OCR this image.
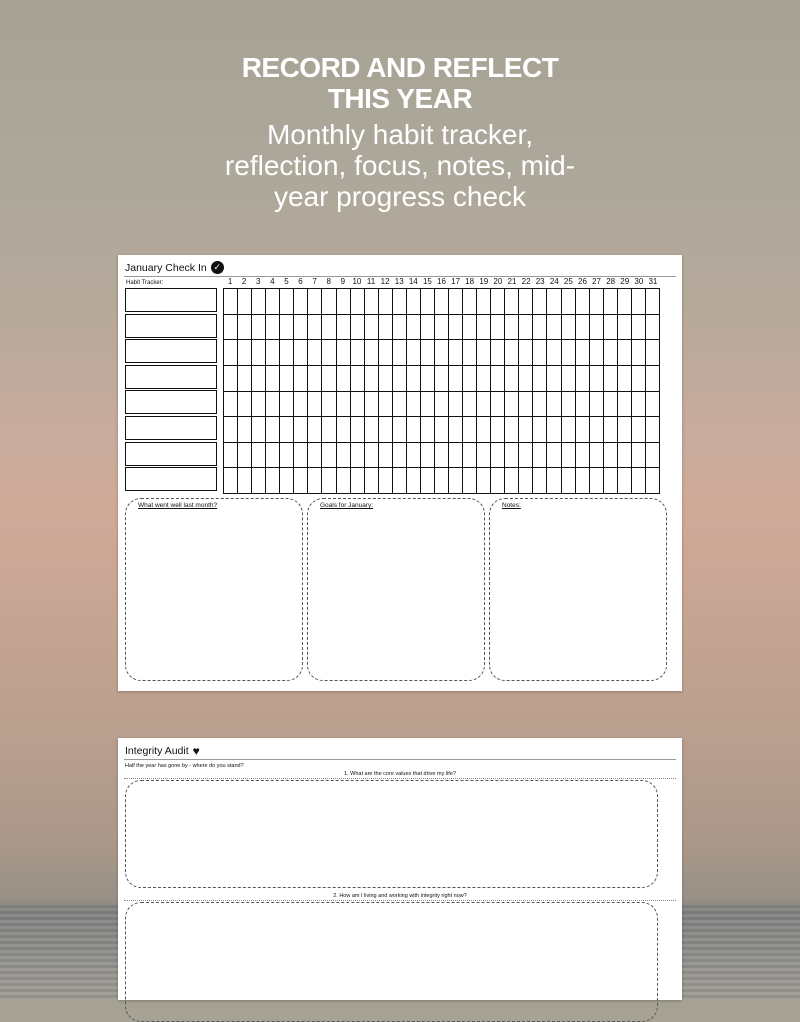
RECORD AND REFLECT
THIS YEAR
Monthly habit tracker,
reflection, focus, notes, mid-
year progress check
January Check In ✓
Habit Tracker:	1	2	3	4	5	6	7	8	9 10 11 12 13 14 15 16 17 18 19 20 21 22 23 24 25 26 27 28 29 30 31
What went well last month?	Goals for January:	Notes:
Integrity Audit ♥
Half the year has gone by - where do you stand?
1. What are the core values that drive my life?
2. How am I living and working with integrity right now?
